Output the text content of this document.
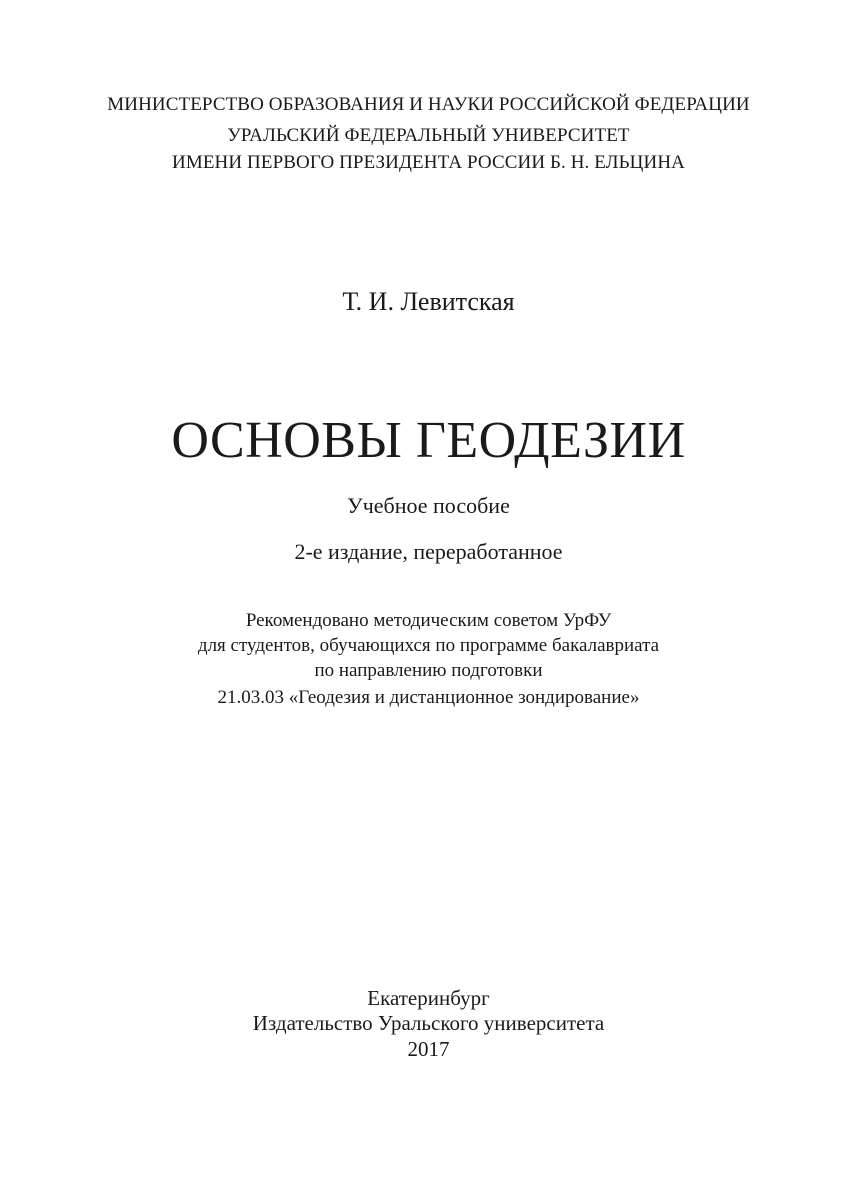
МИНИСТЕРСТВО ОБРАЗОВАНИЯ И НАУКИ РОССИЙСКОЙ ФЕДЕРАЦИИ
УРАЛЬСКИЙ ФЕДЕРАЛЬНЫЙ УНИВЕРСИТЕТ
ИМЕНИ ПЕРВОГО ПРЕЗИДЕНТА РОССИИ Б. Н. ЕЛЬЦИНА
Т. И. Левитская
ОСНОВЫ ГЕОДЕЗИИ
Учебное пособие
2-е издание, переработанное
Рекомендовано методическим советом УрФУ
для студентов, обучающихся по программе бакалавриата
по направлению подготовки
21.03.03 «Геодезия и дистанционное зондирование»
Екатеринбург
Издательство Уральского университета
2017
